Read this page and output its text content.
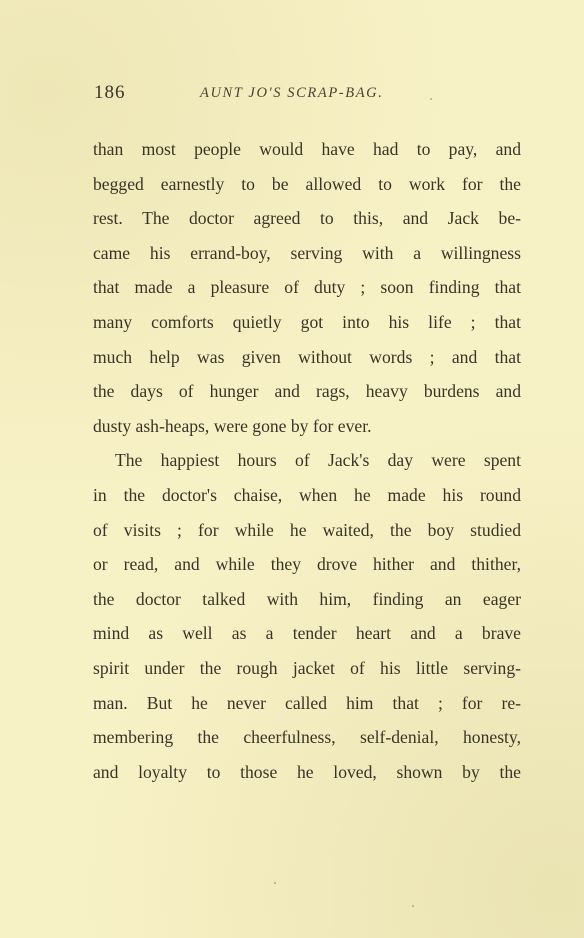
186	AUNT JO'S SCRAP-BAG.
than most people would have had to pay, and
begged earnestly to be allowed to work for the
rest. The doctor agreed to this, and Jack be-
came his errand-boy, serving with a willingness
that made a pleasure of duty ; soon finding that
many comforts quietly got into his life ; that
much help was given without words ; and that
the days of hunger and rags, heavy burdens and
dusty ash-heaps, were gone by for ever.
The happiest hours of Jack's day were spent
in the doctor's chaise, when he made his round
of visits ; for while he waited, the boy studied
or read, and while they drove hither and thither,
the doctor talked with him, finding an eager
mind as well as a tender heart and a brave
spirit under the rough jacket of his little serving-
man. But he never called him that ; for re-
membering the cheerfulness, self-denial, honesty,
and loyalty to those he loved, shown by the
